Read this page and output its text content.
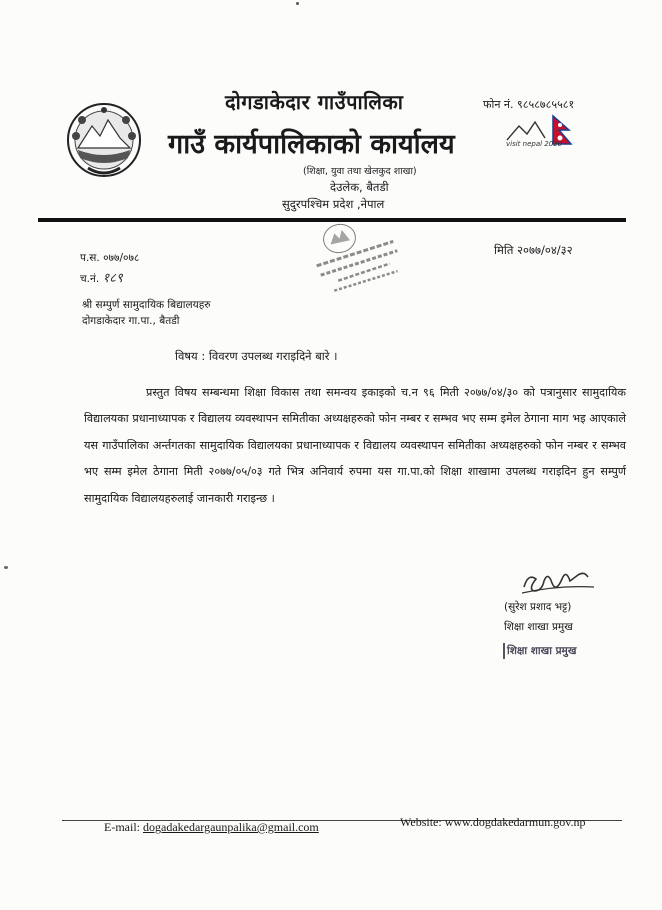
दोगडाकेदार गाउँपालिका	फोन नं. ९८५८७८५५८१
गाउँ कार्यपालिकाको कार्यालय	visit nepal 2020
(शिक्षा, युवा तथा खेलकुद शाखा)
देउलेक, बैतडी
सुदुरपश्चिम प्रदेश ,नेपाल
प.स. ०७७/०७८
च.नं. १८९
मिति २०७७/०४/३२
श्री सम्पुर्ण सामुदायिक बिद्यालयहरु
दोगडाकेदार गा.पा., बैतडी
विषय : विवरण उपलब्ध गराइदिने बारे ।
प्रस्तुत विषय सम्बन्धमा शिक्षा विकास तथा समन्वय इकाइको च.न ९६ मिती २०७७/०४/३० को पत्रानुसार सामुदायिक विद्यालयका प्रधानाध्यापक र विद्यालय व्यवस्थापन समितीका अध्यक्षहरुको फोन नम्बर र सम्भव भए सम्म इमेल ठेगाना माग भइ आएकाले यस गाउँपालिका अर्न्तगतका सामुदायिक विद्यालयका प्रधानाध्यापक र विद्यालय व्यवस्थापन समितीका अध्यक्षहरुको फोन नम्बर र सम्भव भए सम्म इमेल ठेगाना मिती २०७७/०५/०३ गते भित्र अनिवार्य रुपमा यस गा.पा.को शिक्षा शाखामा उपलब्ध गराइदिन हुन सम्पुर्ण सामुदायिक विद्यालयहरुलाई जानकारी गराइन्छ ।
(सुरेश प्रशाद भट्ट)
शिक्षा शाखा प्रमुख
शिक्षा शाखा प्रमुख
E-mail: dogadakedargaunpalika@gmail.com	Website: www.dogdakedarmun.gov.np
